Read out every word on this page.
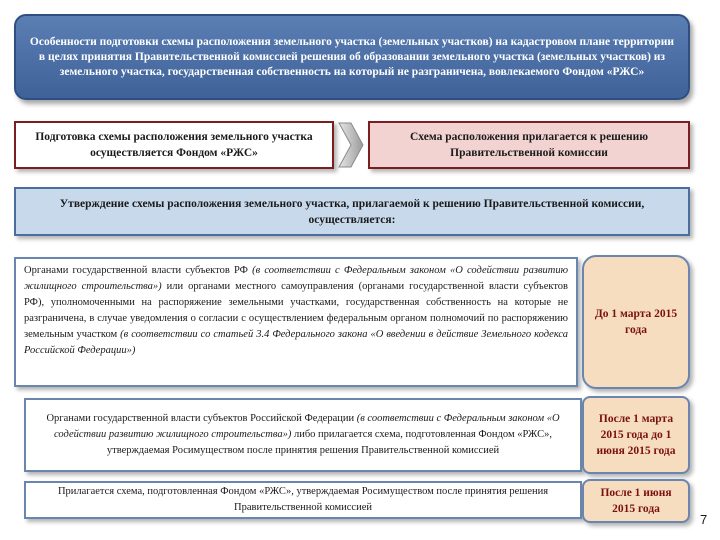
Особенности подготовки схемы расположения земельного участка (земельных участков) на кадастровом плане территории в целях принятия Правительственной комиссией решения об образовании земельного участка (земельных участков) из земельного участка, государственная собственность на который не разграничена, вовлекаемого Фондом «РЖС»
Подготовка схемы расположения земельного участка осуществляется Фондом «РЖС»
Схема расположения прилагается к решению Правительственной комиссии
Утверждение схемы расположения земельного участка, прилагаемой к решению Правительственной комиссии, осуществляется:
Органами государственной власти субъектов РФ (в соответствии с Федеральным законом «О содействии развитию жилищного строительства») или органами местного самоуправления (органами государственной власти субъектов РФ), уполномоченными на распоряжение земельными участками, государственная собственность на которые не разграничена, в случае уведомления о согласии с осуществлением федеральным органом полномочий по распоряжению земельным участком (в соответствии со статьей 3.4 Федерального закона «О введении в действие Земельного кодекса Российской Федерации»)
До 1 марта 2015 года
Органами государственной власти субъектов Российской Федерации (в соответствии с Федеральным законом «О содействии развитию жилищного строительства») либо прилагается схема, подготовленная Фондом «РЖС», утверждаемая Росимуществом после принятия решения Правительственной комиссией
После 1 марта 2015 года до 1 июня 2015 года
Прилагается схема, подготовленная Фондом «РЖС», утверждаемая Росимуществом после принятия решения Правительственной комиссией
После 1 июня 2015 года
7
